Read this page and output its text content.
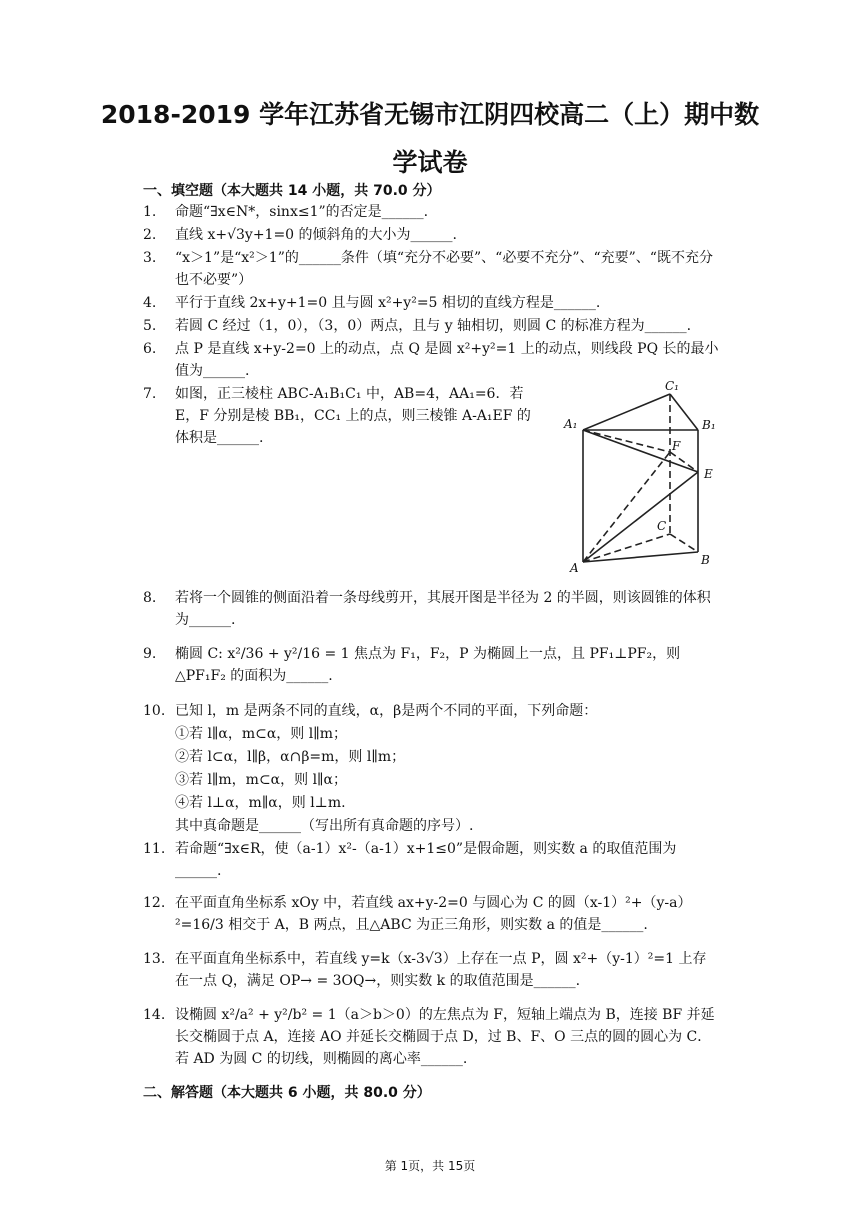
2018-2019 学年江苏省无锡市江阴四校高二（上）期中数
学试卷
一、填空题（本大题共 14 小题，共 70.0 分）
1. 命题“∃x∈N*，sinx≤1”的否定是______.
2. 直线 x+√3y+1=0 的倾斜角的大小为______.
3. “x＞1”是“x²＞1”的______条件（填“充分不必要”、“必要不充分”、“充要”、“既不充分也不必要”）
4. 平行于直线 2x+y+1=0 且与圆 x²+y²=5 相切的直线方程是______.
5. 若圆 C 经过（1，0），（3，0）两点，且与 y 轴相切，则圆 C 的标准方程为______.
6. 点 P 是直线 x+y-2=0 上的动点，点 Q 是圆 x²+y²=1 上的动点，则线段 PQ 长的最小值为______.
7. 如图，正三棱柱 ABC-A₁B₁C₁ 中，AB=4，AA₁=6．若 E，F 分别是棱 BB₁，CC₁ 上的点，则三棱锥 A-A₁EF 的体积是______.
C₁
A₁	B₁
F
E
C
A
B
8. 若将一个圆锥的侧面沿着一条母线剪开，其展开图是半径为 2 的半圆，则该圆锥的体积为______.
9. 椭圆 C: x²/36 + y²/16 = 1 焦点为 F₁，F₂，P 为椭圆上一点，且 PF₁⊥PF₂，则△PF₁F₂ 的面积为______.
10. 已知 l，m 是两条不同的直线，α，β是两个不同的平面，下列命题：
①若 l∥α，m⊂α，则 l∥m；
②若 l⊂α，l∥β，α∩β=m，则 l∥m；
③若 l∥m，m⊂α，则 l∥α；
④若 l⊥α，m∥α，则 l⊥m.
其中真命题是______（写出所有真命题的序号）.
11. 若命题“∃x∈R，使（a-1）x²-（a-1）x+1≤0”是假命题，则实数 a 的取值范围为______.
12. 在平面直角坐标系 xOy 中，若直线 ax+y-2=0 与圆心为 C 的圆（x-1）²+（y-a）²=16/3 相交于 A，B 两点，且△ABC 为正三角形，则实数 a 的值是______.
13. 在平面直角坐标系中，若直线 y=k（x-3√3）上存在一点 P，圆 x²+（y-1）²=1 上存在一点 Q，满足 OP→ = 3OQ→，则实数 k 的取值范围是______.
14. 设椭圆 x²/a² + y²/b² = 1（a＞b＞0）的左焦点为 F，短轴上端点为 B，连接 BF 并延长交椭圆于点 A，连接 AO 并延长交椭圆于点 D，过 B、F、O 三点的圆的圆心为 C．若 AD 为圆 C 的切线，则椭圆的离心率______.
二、解答题（本大题共 6 小题，共 80.0 分）
第 1页，共 15页
